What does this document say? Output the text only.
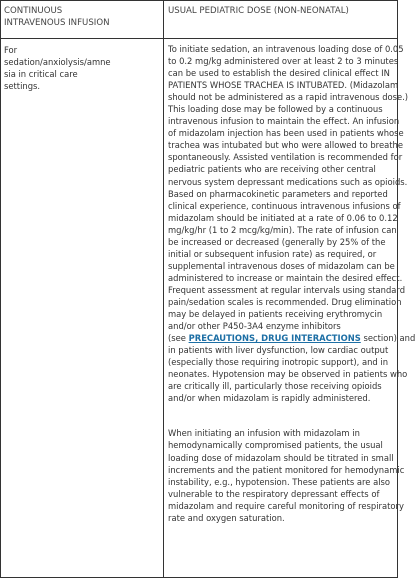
CONTINUOUS
INTRAVENOUS INFUSION
USUAL PEDIATRIC DOSE (NON-NEONATAL)
For
sedation/anxiolysis/amne
sia in critical care
settings.
To initiate sedation, an intravenous loading dose of 0.05
to 0.2 mg/kg administered over at least 2 to 3 minutes
can be used to establish the desired clinical effect IN
PATIENTS WHOSE TRACHEA IS INTUBATED. (Midazolam
should not be administered as a rapid intravenous dose.)
This loading dose may be followed by a continuous
intravenous infusion to maintain the effect. An infusion
of midazolam injection has been used in patients whose
trachea was intubated but who were allowed to breathe
spontaneously. Assisted ventilation is recommended for
pediatric patients who are receiving other central
nervous system depressant medications such as opioids.
Based on pharmacokinetic parameters and reported
clinical experience, continuous intravenous infusions of
midazolam should be initiated at a rate of 0.06 to 0.12
mg/kg/hr (1 to 2 mcg/kg/min). The rate of infusion can
be increased or decreased (generally by 25% of the
initial or subsequent infusion rate) as required, or
supplemental intravenous doses of midazolam can be
administered to increase or maintain the desired effect.
Frequent assessment at regular intervals using standard
pain/sedation scales is recommended. Drug elimination
may be delayed in patients receiving erythromycin
and/or other P450-3A4 enzyme inhibitors
(see PRECAUTIONS, DRUG INTERACTIONS section) and
in patients with liver dysfunction, low cardiac output
(especially those requiring inotropic support), and in
neonates. Hypotension may be observed in patients who
are critically ill, particularly those receiving opioids
and/or when midazolam is rapidly administered.
When initiating an infusion with midazolam in
hemodynamically compromised patients, the usual
loading dose of midazolam should be titrated in small
increments and the patient monitored for hemodynamic
instability, e.g., hypotension. These patients are also
vulnerable to the respiratory depressant effects of
midazolam and require careful monitoring of respiratory
rate and oxygen saturation.
